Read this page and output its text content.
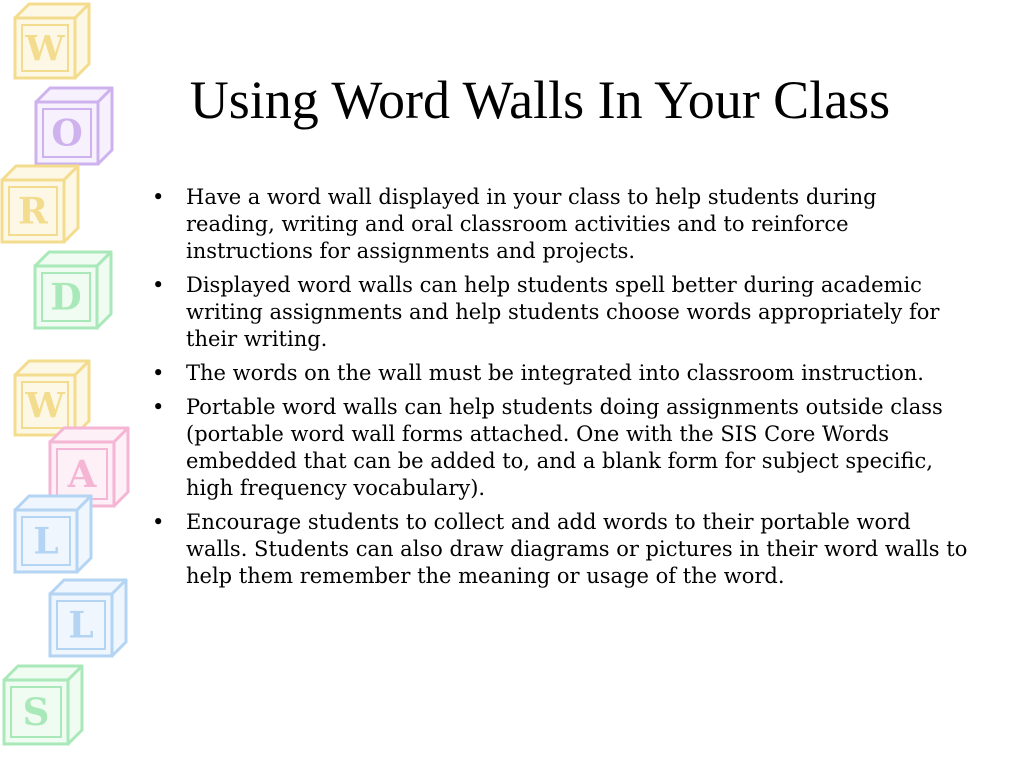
W
O
R
D
W
A
L
L
S
Using Word Walls In Your Class
•	Have a word wall displayed in your class to help students during reading, writing and oral classroom activities and to reinforce instructions for assignments and projects.
•	Displayed word walls can help students spell better during academic writing assignments and help students choose words appropriately for their writing.
•	The words on the wall must be integrated into classroom instruction.
•	Portable word walls can help students doing assignments outside class (portable word wall forms attached. One with the SIS Core Words embedded that can be added to, and a blank form for subject specific, high frequency vocabulary).
•	Encourage students to collect and add words to their portable word walls. Students can also draw diagrams or pictures in their word walls to help them remember the meaning or usage of the word.
